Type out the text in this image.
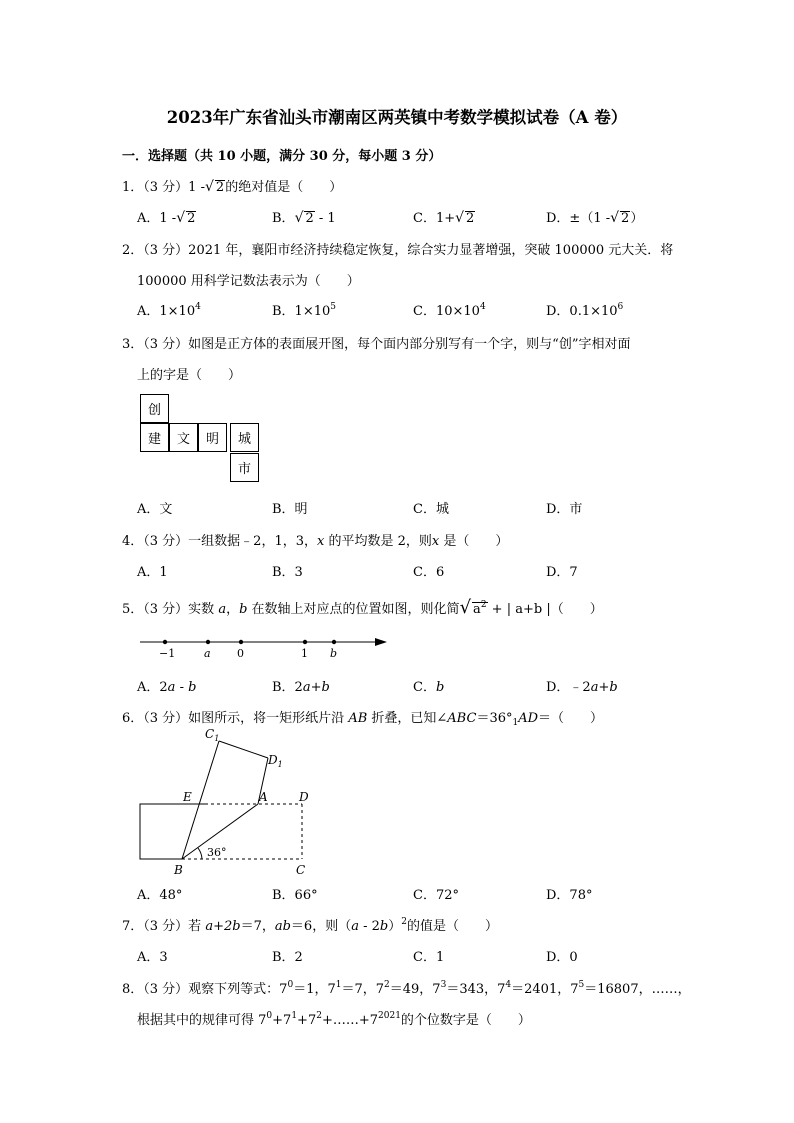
2023年广东省汕头市潮南区两英镇中考数学模拟试卷（A 卷）
一．选择题（共 10 小题，满分 30 分，每小题 3 分）
1．（3 分）1 -√ 2的绝对值是（　　）
A．1 -√ 2	B．√ 2 - 1	C．1+√ 2	D．±（1 -√ 2）
2．（3 分）2021 年，襄阳市经济持续稳定恢复，综合实力显著增强，突破 100000 元大关．将
100000 用科学记数法表示为（　　）
A．$1\times 10^4$	B．$1\times 10^5$	C．$10\times 10^4$	D．$0.1\times 10^6$
3．（3 分）如图是正方体的表面展开图，每个面内部分别写有一个字，则与“创”字相对面
上的字是（　　）
创
建	文	明	城
市
A．文	B．明	C．城	D．市
4．（3 分）一组数据﹣2，1，3，x 的平均数是 2，则x 是（　　）
A．1	B．3	C．6	D．7
5．（3 分）实数 a，b 在数轴上对应点的位置如图，则化简√ $a^2$ + | a+b |（　　）
−1	a 0	1 b
A．2a - b	B．2a+b	C．b	D．﹣2a+b
6．（3 分）如图所示，将一矩形纸片沿 AB 折叠，已知$\angle ABC=36^\circ_1AD=$（　　）
$C_1$
$D_1$
E	A	D
B	C
36°
A．48°	B．66°	C．72°	D．78°
7．（3 分）若 a+2b＝7，ab＝6，则（a - 2b）$^2$的值是（　　）
A．3	B．2	C．1	D．0
8．（3 分）观察下列等式：$7^0=1$，$7^1=7$，$7^2=49$，$7^3=343$，$7^4=2401$，$7^5=16807$，……，
根据其中的规律可得 $7^0+7^1+7^2+\dots\dots+7^{2021}$的个位数字是（　　）
